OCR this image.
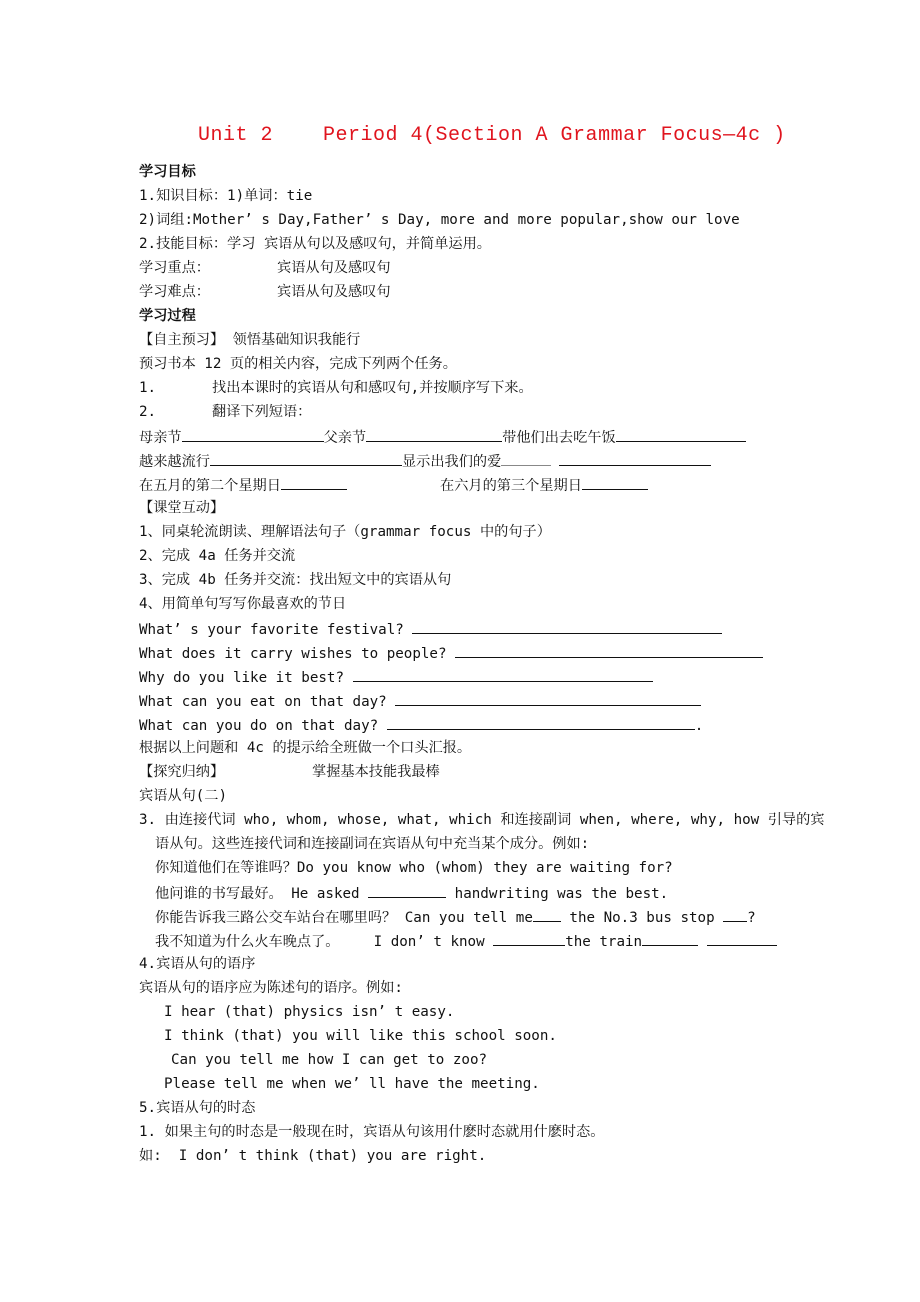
Unit 2    Period 4(Section A Grammar Focus—4c )
学习目标
1.知识目标：1)单词：tie
2)词组:Mother’ s Day,Father’ s Day, more and more popular,show our love
2.技能目标：学习 宾语从句以及感叹句，并简单运用。
学习重点：	宾语从句及感叹句
学习难点：	宾语从句及感叹句
学习过程
【自主预习】 领悟基础知识我能行
预习书本 12 页的相关内容，完成下列两个任务。
1.	找出本课时的宾语从句和感叹句,并按顺序写下来。
2.	翻译下列短语：
母亲节	父亲节	带他们出去吃午饭
越来越流行	显示出我们的爱
在五月的第二个星期日	在六月的第三个星期日
【课堂互动】
1、同桌轮流朗读、理解语法句子（grammar focus 中的句子）
2、完成 4a 任务并交流
3、完成 4b 任务并交流：找出短文中的宾语从句
4、用简单句写写你最喜欢的节日
What’ s your favorite festival?
What does it carry wishes to people?
Why do you like it best?
What can you eat on that day?
What can you do on that day?	.
根据以上问题和 4c 的提示给全班做一个口头汇报。
【探究归纳】	掌握基本技能我最棒
宾语从句(二)
3. 由连接代词 who, whom, whose, what, which 和连接副词 when, where, why, how 引导的宾
语从句。这些连接代词和连接副词在宾语从句中充当某个成分。例如:
你知道他们在等谁吗？Do you know who (whom) they are waiting for?
他问谁的书写最好。 He asked	handwriting was the best.
你能告诉我三路公交车站台在哪里吗？ Can you tell me the No.3 bus stop ?
我不知道为什么火车晚点了。    I don’ t know	the train
4.宾语从句的语序
宾语从句的语序应为陈述句的语序。例如:
I hear (that) physics isn’ t easy.
I think (that) you will like this school soon.
Can you tell me how I can get to zoo?
Please tell me when we’ ll have the meeting.
5.宾语从句的时态
1. 如果主句的时态是一般现在时，宾语从句该用什麽时态就用什麽时态。
如:  I don’ t think (that) you are right.
